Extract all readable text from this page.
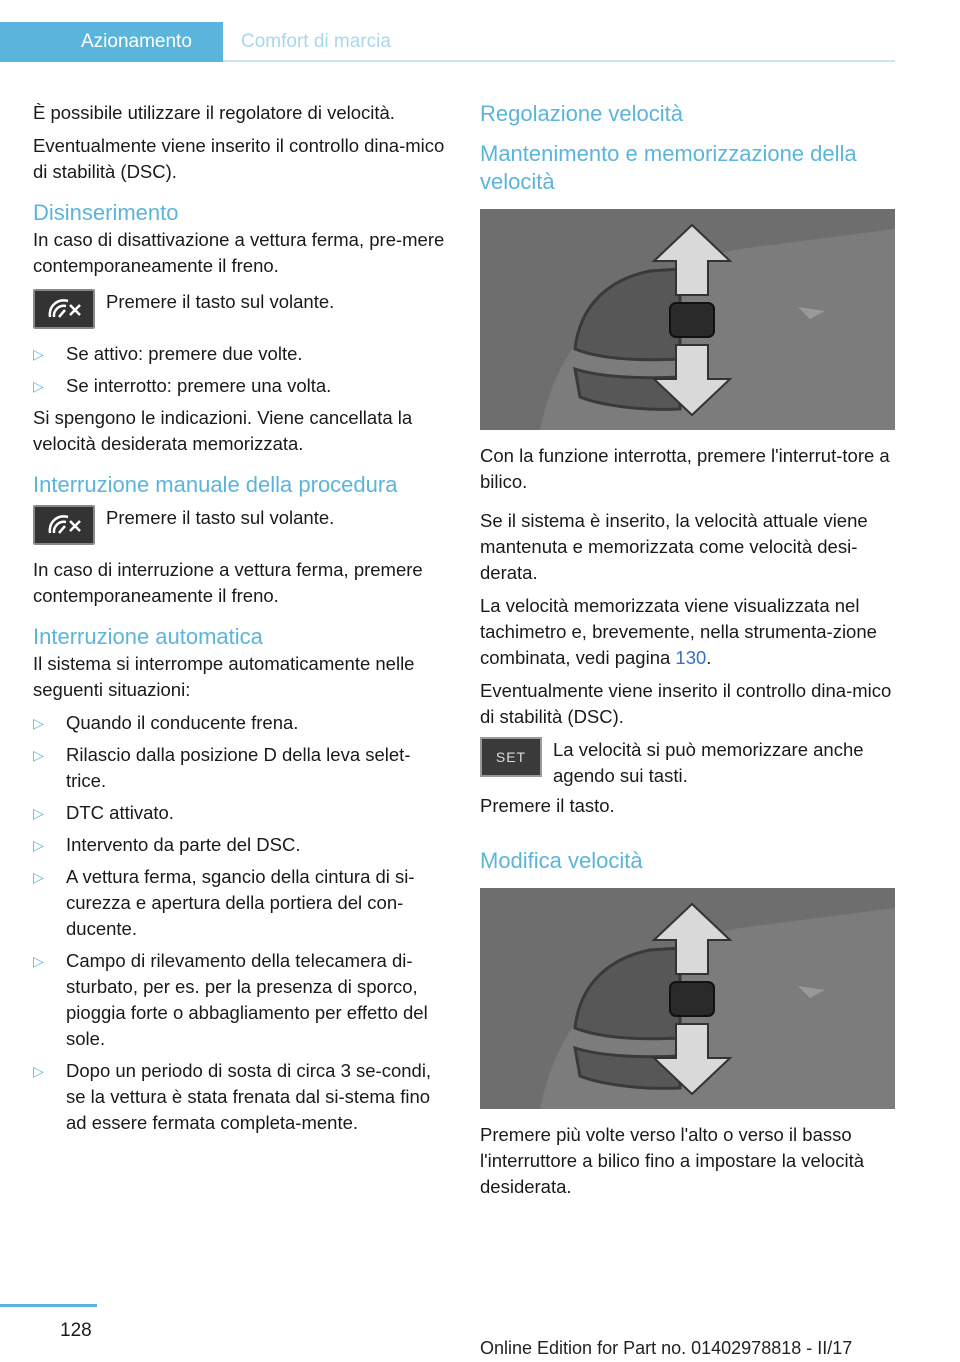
Azionamento	Comfort di marcia

È possibile utilizzare il regolatore di velocità.

Eventualmente viene inserito il controllo dina‐mico di stabilità (DSC).

Disinserimento

In caso di disattivazione a vettura ferma, pre‐mere contemporaneamente il freno.

Premere il tasto sul volante.
▷ Se attivo: premere due volte.
▷ Se interrotto: premere una volta.

Si spengono le indicazioni. Viene cancellata la velocità desiderata memorizzata.

Interruzione manuale della procedura
Premere il tasto sul volante.

In caso di interruzione a vettura ferma, premere contemporaneamente il freno.

Interruzione automatica

Il sistema si interrompe automaticamente nelle seguenti situazioni:

▷ Quando il conducente frena.
▷ Rilascio dalla posizione D della leva selet‐trice.
▷ DTC attivato.
▷ Intervento da parte del DSC.
▷ A vettura ferma, sgancio della cintura di si‐curezza e apertura della portiera del con‐ducente.
▷ Campo di rilevamento della telecamera di‐sturbato, per es. per la presenza di sporco, pioggia forte o abbagliamento per effetto del sole.
▷ Dopo un periodo di sosta di circa 3 se‐condi, se la vettura è stata frenata dal si‐stema fino ad essere fermata completa‐mente.
Regolazione velocità
Mantenimento e memorizzazione della velocità

Con la funzione interrotta, premere l'interrut‐tore a bilico.

Se il sistema è inserito, la velocità attuale viene mantenuta e memorizzata come velocità desi‐derata.

La velocità memorizzata viene visualizzata nel tachimetro e, brevemente, nella strumenta‐zione combinata, vedi pagina 130.

Eventualmente viene inserito il controllo dina‐mico di stabilità (DSC).

SET	La velocità si può memorizzare anche agendo sui tasti.

Premere il tasto.

Modifica velocità

Premere più volte verso l'alto o verso il basso l'interruttore a bilico fino a impostare la velocità desiderata.

128
Online Edition for Part no. 01402978818 - II/17
